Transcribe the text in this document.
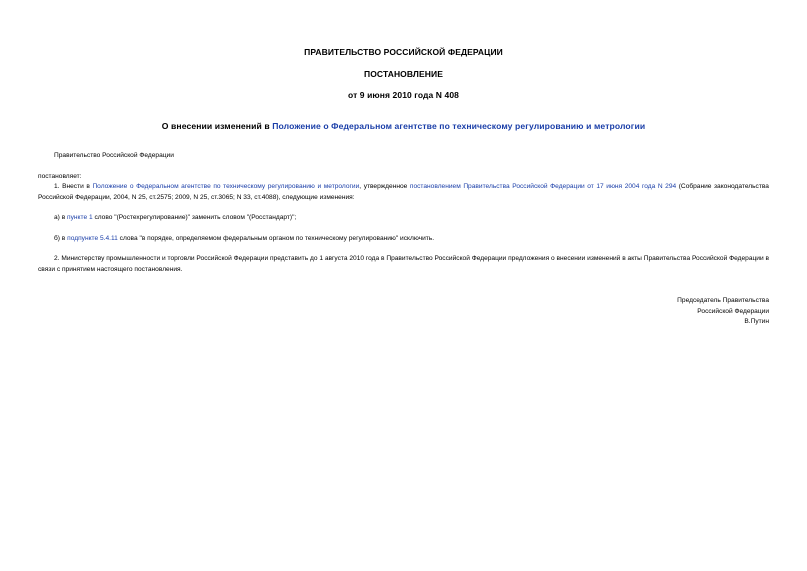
ПРАВИТЕЛЬСТВО РОССИЙСКОЙ ФЕДЕРАЦИИ
ПОСТАНОВЛЕНИЕ
от 9 июня 2010 года N 408
О внесении изменений в Положение о Федеральном агентстве по техническому регулированию и метрологии
Правительство Российской Федерации
постановляет:
1. Внести в Положение о Федеральном агентстве по техническому регулированию и метрологии, утвержденное постановлением Правительства Российской Федерации от 17 июня 2004 года N 294 (Собрание законодательства Российской Федерации, 2004, N 25, ст.2575; 2009, N 25, ст.3065; N 33, ст.4088), следующие изменения:
а) в пункте 1 слово "(Ростехрегулирование)" заменить словом "(Росстандарт)";
б) в подпункте 5.4.11 слова "в порядке, определяемом федеральным органом по техническому регулированию" исключить.
2. Министерству промышленности и торговли Российской Федерации представить до 1 августа 2010 года в Правительство Российской Федерации предложения о внесении изменений в акты Правительства Российской Федерации в связи с принятием настоящего постановления.
Председатель Правительства
Российской Федерации
В.Путин
